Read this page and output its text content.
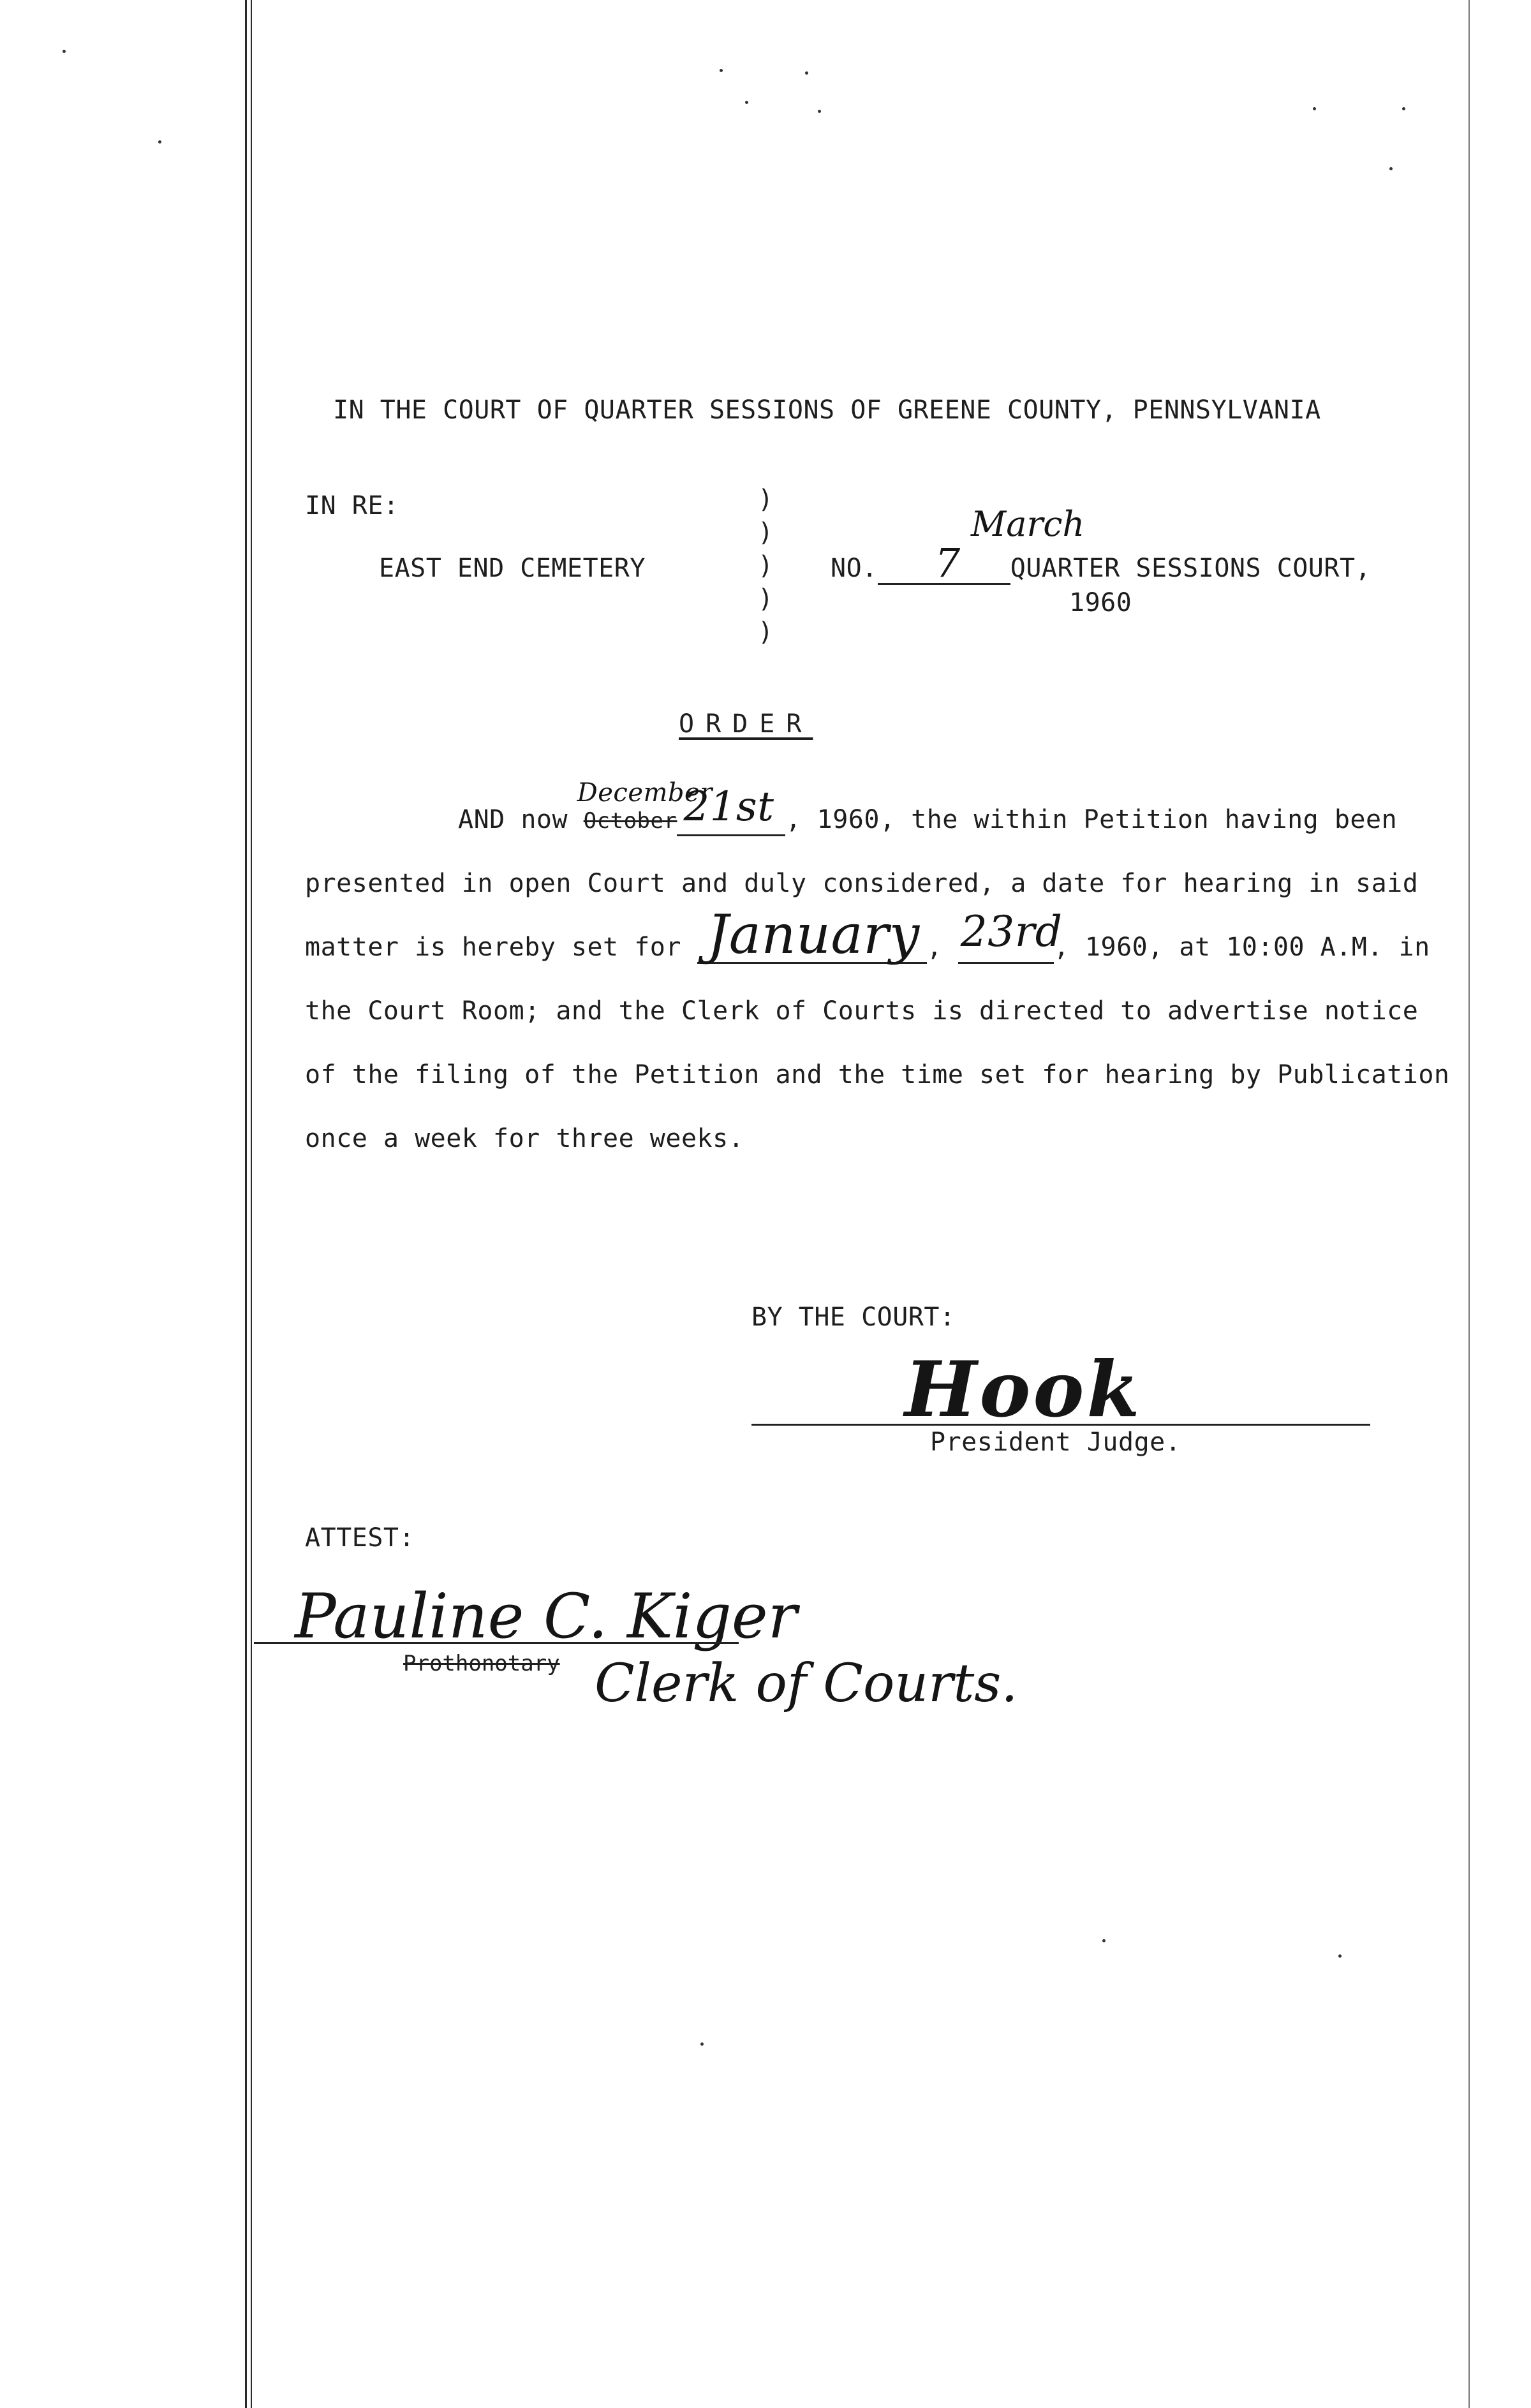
IN THE COURT OF QUARTER SESSIONS OF GREENE COUNTY, PENNSYLVANIA
IN RE:
EAST END CEMETERY
)
)
)
)
)
March
NO. 7 QUARTER SESSIONS COURT,
1960
ORDER
AND now October
December
21st , 1960, the within Petition having been
presented in open Court and duly considered, a date for hearing in said
matter is hereby set for January , 23rd
, 1960, at 10:00 A.M. in
the Court Room; and the Clerk of Courts is directed to advertise notice
of the filing of the Petition and the time set for hearing by Publication
once a week for three weeks.
BY THE COURT:
Hook
President Judge.
ATTEST:
Pauline C. Kiger
Prothonotary Clerk of Courts.
